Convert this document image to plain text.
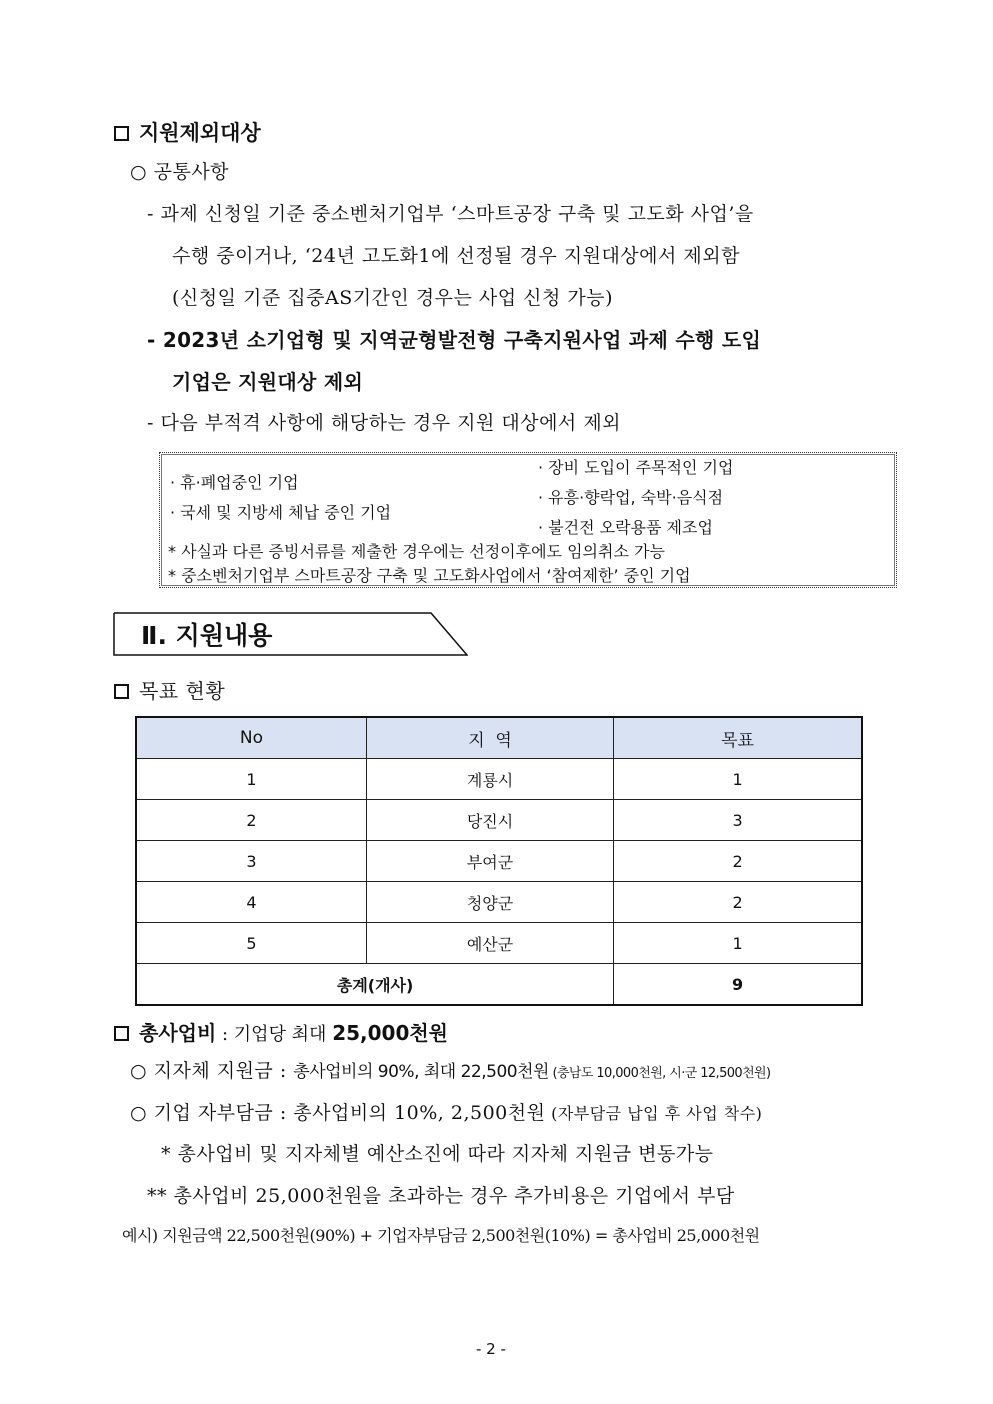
지원제외대상
○ 공통사항
- 과제 신청일 기준 중소벤처기업부 ‘스마트공장 구축 및 고도화 사업’을
수행 중이거나, ‘24년 고도화1에 선정될 경우 지원대상에서 제외함
(신청일 기준 집중AS기간인 경우는 사업 신청 가능)
- 2023년 소기업형 및 지역균형발전형 구축지원사업 과제 수행 도입
기업은 지원대상 제외
- 다음 부적격 사항에 해당하는 경우 지원 대상에서 제외
· 휴·폐업중인 기업
· 국세 및 지방세 체납 중인 기업
· 장비 도입이 주목적인 기업
· 유흥·향락업, 숙박·음식점
· 불건전 오락용품 제조업
* 사실과 다른 증빙서류를 제출한 경우에는 선정이후에도 임의취소 가능
* 중소벤처기업부 스마트공장 구축 및 고도화사업에서 ‘참여제한’ 중인 기업
Ⅱ. 지원내용
목표 현황
No	지  역	목표
1	계룡시	1
2	당진시	3
3	부여군	2
4	청양군	2
5	예산군	1
총계(개사)		9
총사업비 : 기업당 최대 25,000천원
○ 지자체 지원금 : 총사업비의 90%, 최대 22,500천원 (충남도 10,000천원, 시·군 12,500천원)
○ 기업 자부담금 : 총사업비의 10%, 2,500천원 (자부담금 납입 후 사업 착수)
* 총사업비 및 지자체별 예산소진에 따라 지자체 지원금 변동가능
** 총사업비 25,000천원을 초과하는 경우 추가비용은 기업에서 부담
예시) 지원금액 22,500천원(90%) + 기업자부담금 2,500천원(10%) = 총사업비 25,000천원
- 2 -
